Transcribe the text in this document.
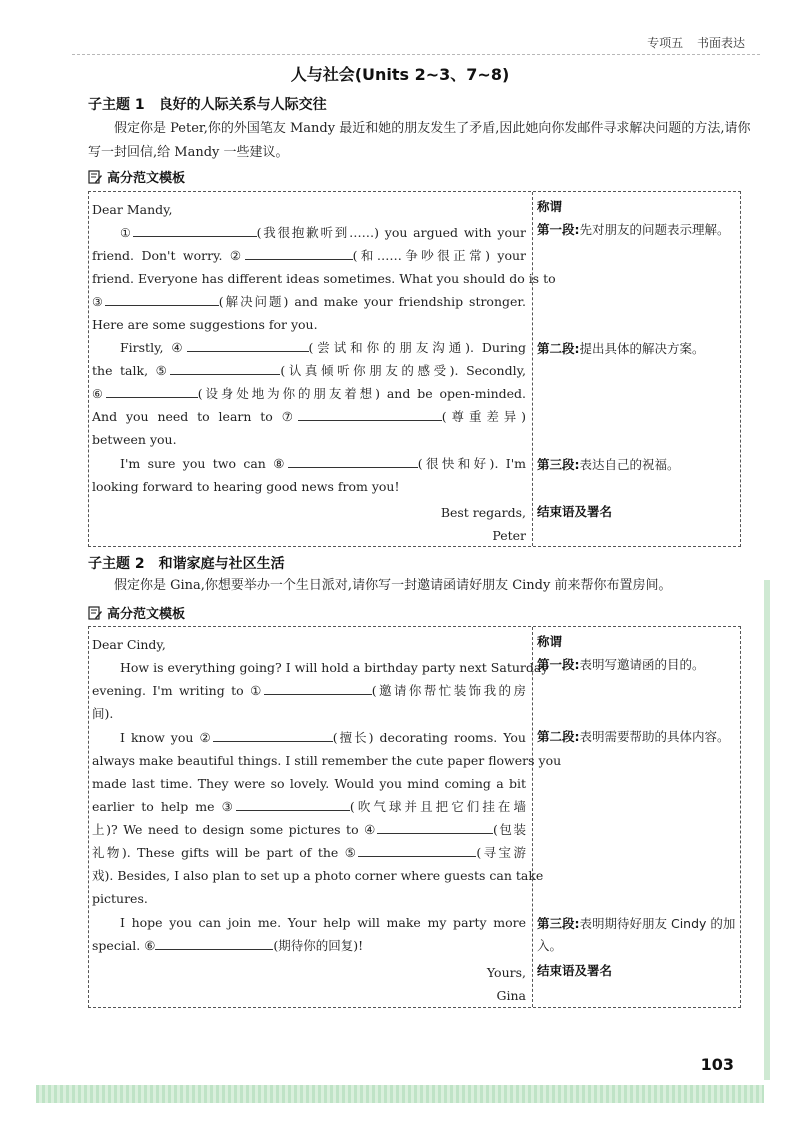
专项五 书面表达
人与社会(Units 2~3、7~8)
子主题 1 良好的人际关系与人际交往
假定你是 Peter,你的外国笔友 Mandy 最近和她的朋友发生了矛盾,因此她向你发邮件寻求解决问题的方法,请你写一封回信,给 Mandy 一些建议。
高分范文模板
Dear Mandy,
①	(我很抱歉听到……) you argued with your
friend. Don't worry. ②	(和……争吵很正常) your
friend. Everyone has different ideas sometimes. What you should do is to
③	(解决问题) and make your friendship stronger.
Here are some suggestions for you.
Firstly, ④	(尝试和你的朋友沟通). During
the talk, ⑤	(认真倾听你朋友的感受). Secondly,
⑥	(设身处地为你的朋友着想) and be open-minded.
And you need to learn to ⑦	(尊重差异)
between you.
I'm sure you two can ⑧	(很快和好). I'm
looking forward to hearing good news from you!
Best regards,
Peter
称谓
第一段:先对朋友的问题表示理解。
第二段:提出具体的解决方案。
第三段:表达自己的祝福。
结束语及署名
子主题 2 和谐家庭与社区生活
假定你是 Gina,你想要举办一个生日派对,请你写一封邀请函请好朋友 Cindy 前来帮你布置房间。
高分范文模板
Dear Cindy,
How is everything going? I will hold a birthday party next Saturday
evening. I'm writing to ①	(邀请你帮忙装饰我的房
间).
I know you ②	(擅长) decorating rooms. You
always make beautiful things. I still remember the cute paper flowers you
made last time. They were so lovely. Would you mind coming a bit
earlier to help me ③	(吹气球并且把它们挂在墙
上)? We need to design some pictures to ④	(包装
礼物). These gifts will be part of the ⑤	(寻宝游
戏). Besides, I also plan to set up a photo corner where guests can take
pictures.
I hope you can join me. Your help will make my party more
special. ⑥	(期待你的回复)!
Yours,
Gina
称谓
第一段:表明写邀请函的目的。
第二段:表明需要帮助的具体内容。
第三段:表明期待好朋友 Cindy 的加入。
结束语及署名
103
